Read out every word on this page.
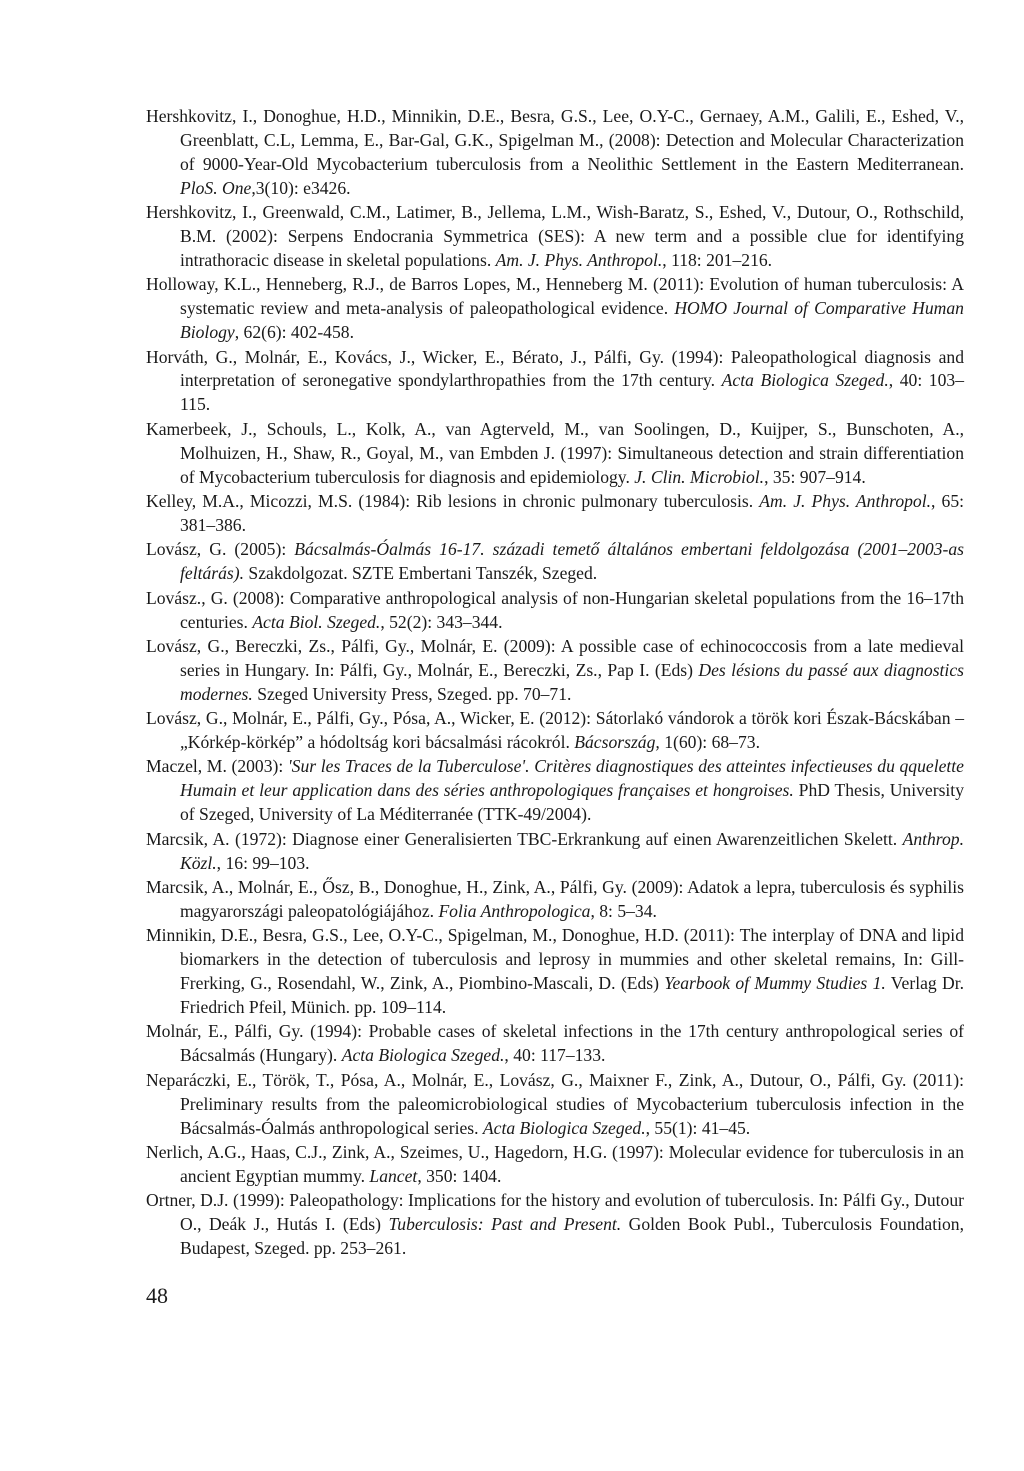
Hershkovitz, I., Donoghue, H.D., Minnikin, D.E., Besra, G.S., Lee, O.Y-C., Gernaey, A.M., Galili, E., Eshed, V., Greenblatt, C.L, Lemma, E., Bar-Gal, G.K., Spigelman M., (2008): Detection and Molecular Characterization of 9000-Year-Old Mycobacterium tuberculosis from a Neolithic Settlement in the Eastern Mediterranean. PloS. One,3(10): e3426.

Hershkovitz, I., Greenwald, C.M., Latimer, B., Jellema, L.M., Wish-Baratz, S., Eshed, V., Dutour, O., Rothschild, B.M. (2002): Serpens Endocrania Symmetrica (SES): A new term and a possible clue for identifying intrathoracic disease in skeletal populations. Am. J. Phys. Anthropol., 118: 201–216.

Holloway, K.L., Henneberg, R.J., de Barros Lopes, M., Henneberg M. (2011): Evolution of human tuberculosis: A systematic review and meta-analysis of paleopathological evidence. HOMO Journal of Comparative Human Biology, 62(6): 402-458.

Horváth, G., Molnár, E., Kovács, J., Wicker, E., Bérato, J., Pálfi, Gy. (1994): Paleopathological diagnosis and interpretation of seronegative spondylarthropathies from the 17th century. Acta Biologica Szeged., 40: 103–115.

Kamerbeek, J., Schouls, L., Kolk, A., van Agterveld, M., van Soolingen, D., Kuijper, S., Bunschoten, A., Molhuizen, H., Shaw, R., Goyal, M., van Embden J. (1997): Simultaneous detection and strain differentiation of Mycobacterium tuberculosis for diagnosis and epidemiology. J. Clin. Microbiol., 35: 907–914.

Kelley, M.A., Micozzi, M.S. (1984): Rib lesions in chronic pulmonary tuberculosis. Am. J. Phys. Anthropol., 65: 381–386.

Lovász, G. (2005): Bácsalmás-Óalmás 16-17. századi temető általános embertani feldolgozása (2001–2003-as feltárás). Szakdolgozat. SZTE Embertani Tanszék, Szeged.

Lovász., G. (2008): Comparative anthropological analysis of non-Hungarian skeletal populations from the 16–17th centuries. Acta Biol. Szeged., 52(2): 343–344.

Lovász, G., Bereczki, Zs., Pálfi, Gy., Molnár, E. (2009): A possible case of echinococcosis from a late medieval series in Hungary. In: Pálfi, Gy., Molnár, E., Bereczki, Zs., Pap I. (Eds) Des lésions du passé aux diagnostics modernes. Szeged University Press, Szeged. pp. 70–71.

Lovász, G., Molnár, E., Pálfi, Gy., Pósa, A., Wicker, E. (2012): Sátorlakó vándorok a török kori Észak-Bácskában – „Kórkép-körkép” a hódoltság kori bácsalmási rácokról. Bácsország, 1(60): 68–73.

Maczel, M. (2003): 'Sur les Traces de la Tuberculose'. Critères diagnostiques des atteintes infectieuses du qquelette Humain et leur application dans des séries anthropologiques françaises et hongroises. PhD Thesis, University of Szeged, University of La Méditerranée (TTK-49/2004).

Marcsik, A. (1972): Diagnose einer Generalisierten TBC-Erkrankung auf einen Awarenzeitlichen Skelett. Anthrop. Közl., 16: 99–103.

Marcsik, A., Molnár, E., Ősz, B., Donoghue, H., Zink, A., Pálfi, Gy. (2009): Adatok a lepra, tuberculosis és syphilis magyarországi paleopatológiájához. Folia Anthropologica, 8: 5–34.

Minnikin, D.E., Besra, G.S., Lee, O.Y-C., Spigelman, M., Donoghue, H.D. (2011): The interplay of DNA and lipid biomarkers in the detection of tuberculosis and leprosy in mummies and other skeletal remains, In: Gill-Frerking, G., Rosendahl, W., Zink, A., Piombino-Mascali, D. (Eds) Yearbook of Mummy Studies 1. Verlag Dr. Friedrich Pfeil, Münich. pp. 109–114.

Molnár, E., Pálfi, Gy. (1994): Probable cases of skeletal infections in the 17th century anthropological series of Bácsalmás (Hungary). Acta Biologica Szeged., 40: 117–133.

Neparáczki, E., Török, T., Pósa, A., Molnár, E., Lovász, G., Maixner F., Zink, A., Dutour, O., Pálfi, Gy. (2011): Preliminary results from the paleomicrobiological studies of Mycobacterium tuberculosis infection in the Bácsalmás-Óalmás anthropological series. Acta Biologica Szeged., 55(1): 41–45.

Nerlich, A.G., Haas, C.J., Zink, A., Szeimes, U., Hagedorn, H.G. (1997): Molecular evidence for tuberculosis in an ancient Egyptian mummy. Lancet, 350: 1404.

Ortner, D.J. (1999): Paleopathology: Implications for the history and evolution of tuberculosis. In: Pálfi Gy., Dutour O., Deák J., Hutás I. (Eds) Tuberculosis: Past and Present. Golden Book Publ., Tuberculosis Foundation, Budapest, Szeged. pp. 253–261.

48
